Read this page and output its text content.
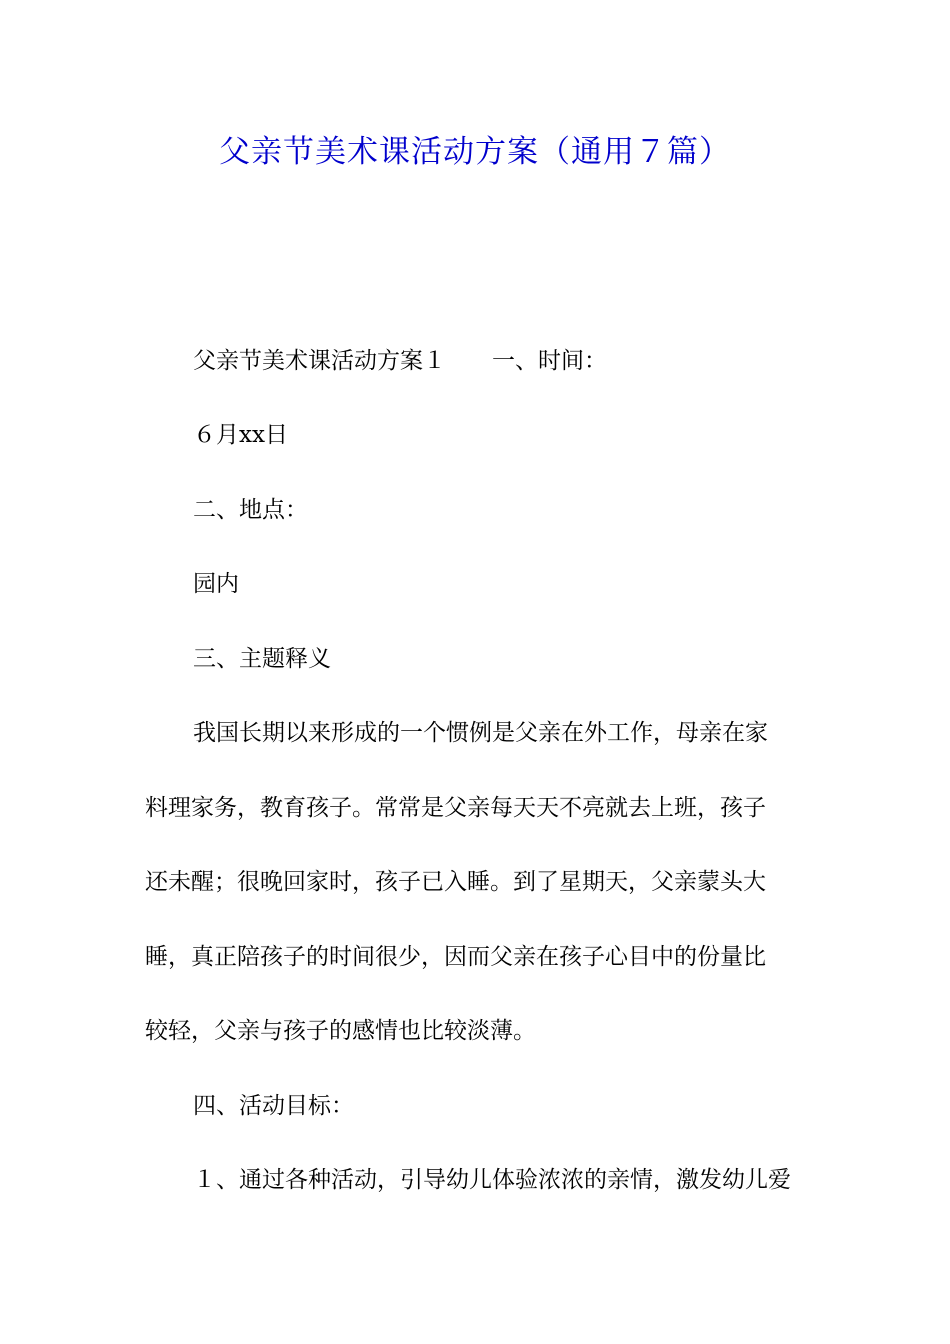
父亲节美术课活动方案（通用７篇）
父亲节美术课活动方案１ 一、时间：
６月xx日
二、地点：
园内
三、主题释义
我国长期以来形成的一个惯例是父亲在外工作，母亲在家
料理家务，教育孩子。常常是父亲每天天不亮就去上班，孩子
还未醒；很晚回家时，孩子已入睡。到了星期天，父亲蒙头大
睡，真正陪孩子的时间很少，因而父亲在孩子心目中的份量比
较轻，父亲与孩子的感情也比较淡薄。
四、活动目标：
１、通过各种活动，引导幼儿体验浓浓的亲情，激发幼儿爱
